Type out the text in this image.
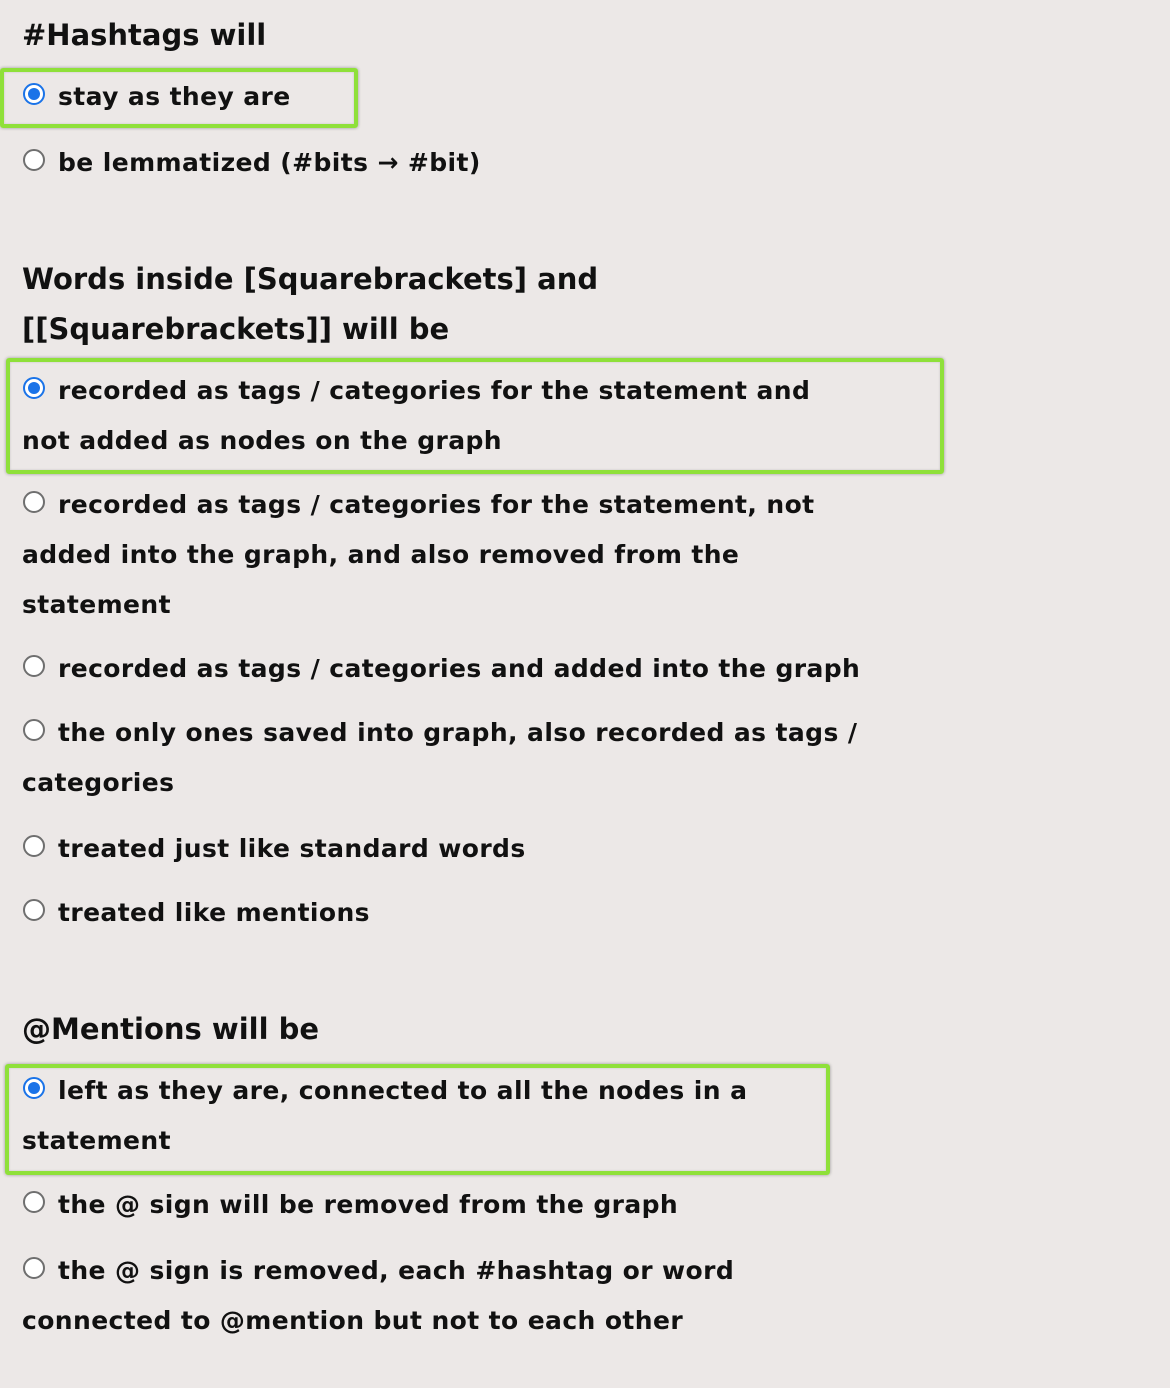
#Hashtags will
stay as they are
be lemmatized (#bits → #bit)
Words inside [Squarebrackets] and
[[Squarebrackets]] will be
recorded as tags / categories for the statement and
not added as nodes on the graph
recorded as tags / categories for the statement, not
added into the graph, and also removed from the
statement
recorded as tags / categories and added into the graph
the only ones saved into graph, also recorded as tags /
categories
treated just like standard words
treated like mentions
@Mentions will be
left as they are, connected to all the nodes in a
statement
the @ sign will be removed from the graph
the @ sign is removed, each #hashtag or word
connected to @mention but not to each other
